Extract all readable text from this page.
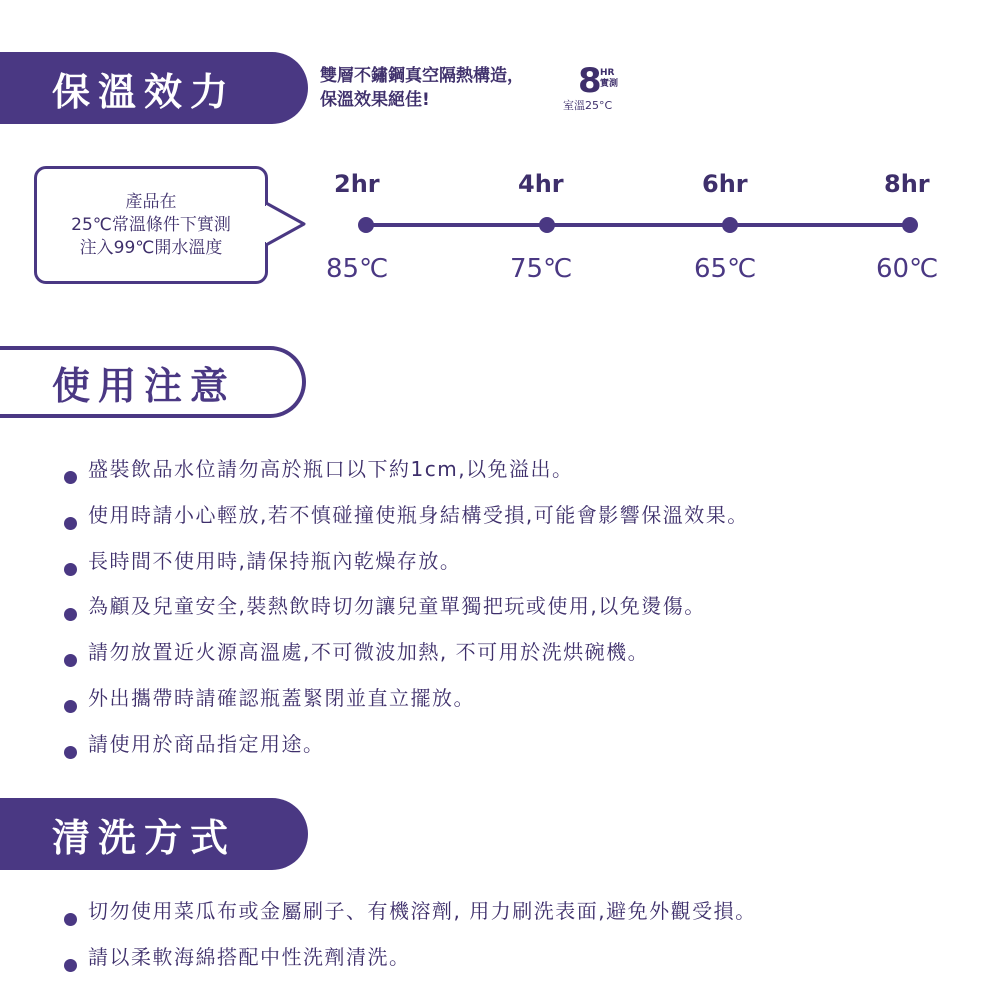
保溫效力	雙層不鏽鋼真空隔熱構造，
保溫效果絕佳!	8
HR
實測
室溫25°C
產品在
25℃常溫條件下實測
注入99℃開水溫度
2hr	4hr	6hr	8hr
85℃	75℃	65℃	60℃
使用注意
盛裝飲品水位請勿高於瓶口以下約1cm,以免溢出。
使用時請小心輕放,若不慎碰撞使瓶身結構受損,可能會影響保溫效果。
長時間不使用時,請保持瓶內乾燥存放。
為顧及兒童安全,裝熱飲時切勿讓兒童單獨把玩或使用,以免燙傷。
請勿放置近火源高溫處,不可微波加熱, 不可用於洗烘碗機。
外出攜帶時請確認瓶蓋緊閉並直立擺放。
請使用於商品指定用途。
清洗方式
切勿使用菜瓜布或金屬刷子、有機溶劑, 用力刷洗表面,避免外觀受損。
請以柔軟海綿搭配中性洗劑清洗。
